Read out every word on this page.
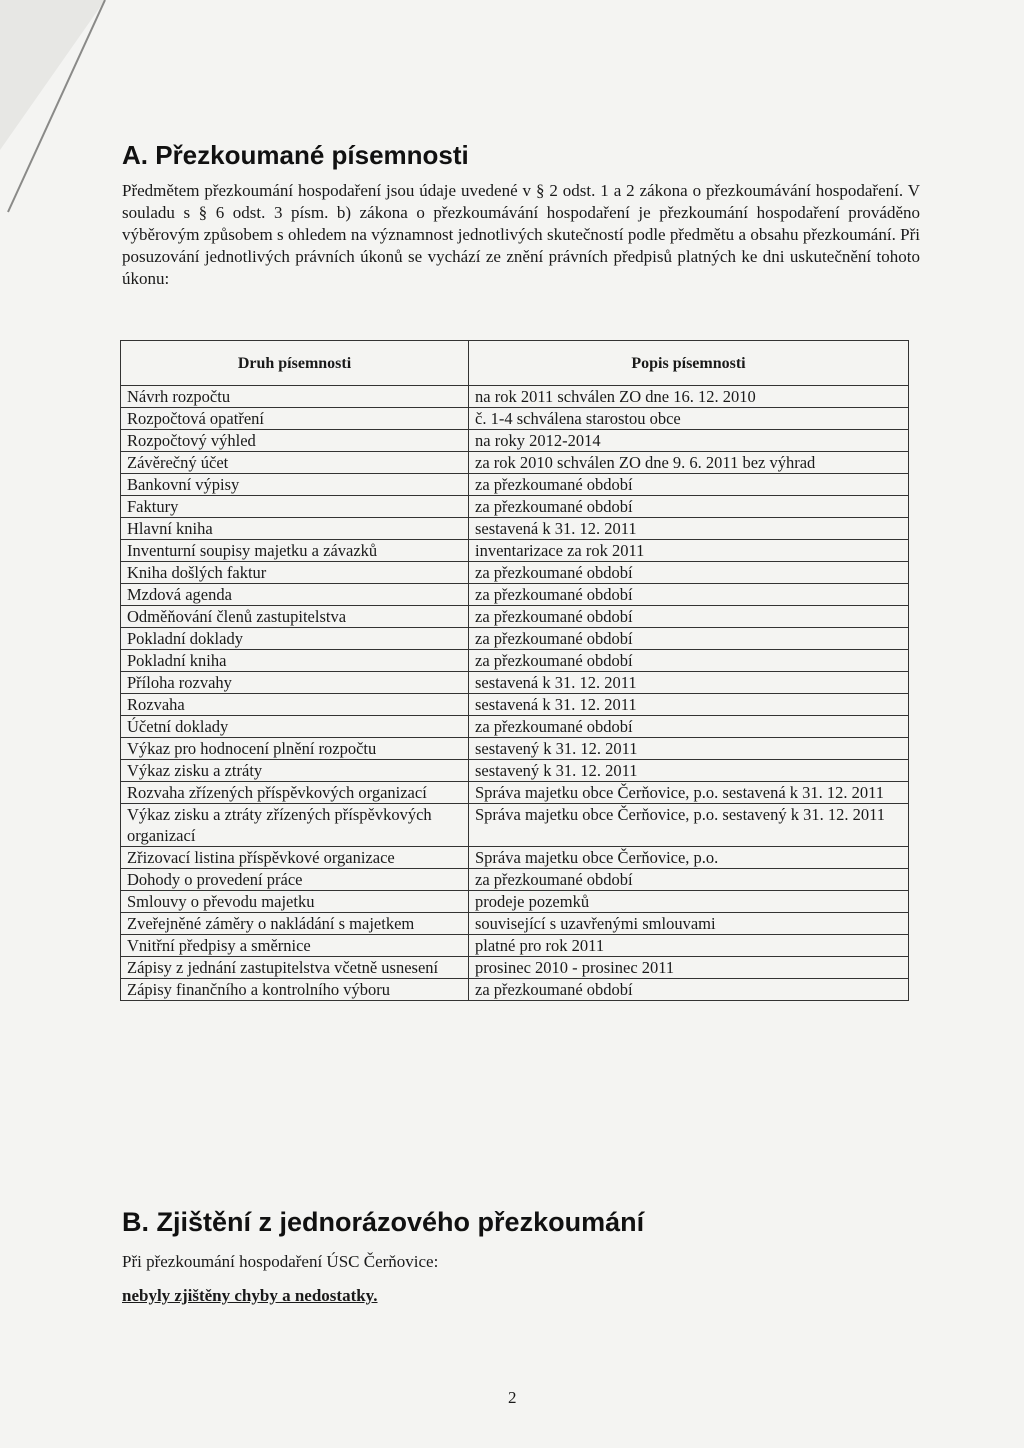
A. Přezkoumané písemnosti

Předmětem přezkoumání hospodaření jsou údaje uvedené v § 2 odst. 1 a 2 zákona o přezkoumávání hospodaření. V souladu s § 6 odst. 3 písm. b) zákona o přezkoumávání hospodaření je přezkoumání hospodaření prováděno výběrovým způsobem s ohledem na významnost jednotlivých skutečností podle předmětu a obsahu přezkoumání. Při posuzování jednotlivých právních úkonů se vychází ze znění právních předpisů platných ke dni uskutečnění tohoto úkonu:

Druh písemnosti	Popis písemnosti
Návrh rozpočtu	na rok 2011 schválen ZO dne 16. 12. 2010
Rozpočtová opatření	č. 1-4 schválena starostou obce
Rozpočtový výhled	na roky 2012-2014
Závěrečný účet	za rok 2010 schválen ZO dne 9. 6. 2011 bez výhrad
Bankovní výpisy	za přezkoumané období
Faktury	za přezkoumané období
Hlavní kniha	sestavená k 31. 12. 2011
Inventurní soupisy majetku a závazků	inventarizace za rok 2011
Kniha došlých faktur	za přezkoumané období
Mzdová agenda	za přezkoumané období
Odměňování členů zastupitelstva	za přezkoumané období
Pokladní doklady	za přezkoumané období
Pokladní kniha	za přezkoumané období
Příloha rozvahy	sestavená k 31. 12. 2011
Rozvaha	sestavená k 31. 12. 2011
Účetní doklady	za přezkoumané období
Výkaz pro hodnocení plnění rozpočtu	sestavený k 31. 12. 2011
Výkaz zisku a ztráty	sestavený k 31. 12. 2011
Rozvaha zřízených příspěvkových organizací	Správa majetku obce Čerňovice, p.o. sestavená k 31. 12. 2011
Výkaz zisku a ztráty zřízených příspěvkových organizací	Správa majetku obce Čerňovice, p.o. sestavený k 31. 12. 2011
Zřizovací listina příspěvkové organizace	Správa majetku obce Čerňovice, p.o.
Dohody o provedení práce	za přezkoumané období
Smlouvy o převodu majetku	prodeje pozemků
Zveřejněné záměry o nakládání s majetkem	související s uzavřenými smlouvami
Vnitřní předpisy a směrnice	platné pro rok 2011
Zápisy z jednání zastupitelstva včetně usnesení	prosinec 2010 - prosinec 2011
Zápisy finančního a kontrolního výboru	za přezkoumané období
B. Zjištění z jednorázového přezkoumání

Při přezkoumání hospodaření ÚSC Čerňovice:

nebyly zjištěny chyby a nedostatky.

2
